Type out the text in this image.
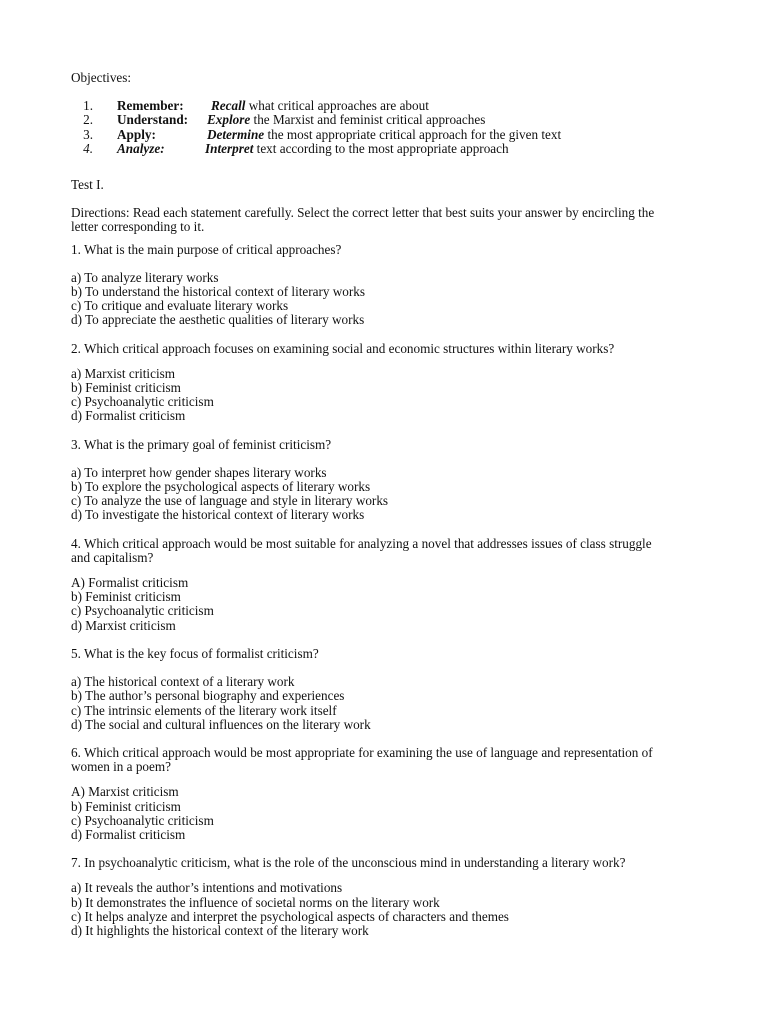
Objectives:
1. Remember:	Recall what critical approaches are about
2. Understand:	Explore the Marxist and feminist critical approaches
3. Apply:	Determine the most appropriate critical approach for the given text
4. Analyze:	Interpret text according to the most appropriate approach
Test I.
Directions: Read each statement carefully. Select the correct letter that best suits your answer by encircling the letter corresponding to it.
1. What is the main purpose of critical approaches?
a) To analyze literary works
b) To understand the historical context of literary works
c) To critique and evaluate literary works
d) To appreciate the aesthetic qualities of literary works
2. Which critical approach focuses on examining social and economic structures within literary works?
a) Marxist criticism
b) Feminist criticism
c) Psychoanalytic criticism
d) Formalist criticism
3. What is the primary goal of feminist criticism?
a) To interpret how gender shapes literary works
b) To explore the psychological aspects of literary works
c) To analyze the use of language and style in literary works
d) To investigate the historical context of literary works
4. Which critical approach would be most suitable for analyzing a novel that addresses issues of class struggle and capitalism?
A) Formalist criticism
b) Feminist criticism
c) Psychoanalytic criticism
d) Marxist criticism
5. What is the key focus of formalist criticism?
a) The historical context of a literary work
b) The author’s personal biography and experiences
c) The intrinsic elements of the literary work itself
d) The social and cultural influences on the literary work
6. Which critical approach would be most appropriate for examining the use of language and representation of women in a poem?
A) Marxist criticism
b) Feminist criticism
c) Psychoanalytic criticism
d) Formalist criticism
7. In psychoanalytic criticism, what is the role of the unconscious mind in understanding a literary work?
a) It reveals the author’s intentions and motivations
b) It demonstrates the influence of societal norms on the literary work
c) It helps analyze and interpret the psychological aspects of characters and themes
d) It highlights the historical context of the literary work
